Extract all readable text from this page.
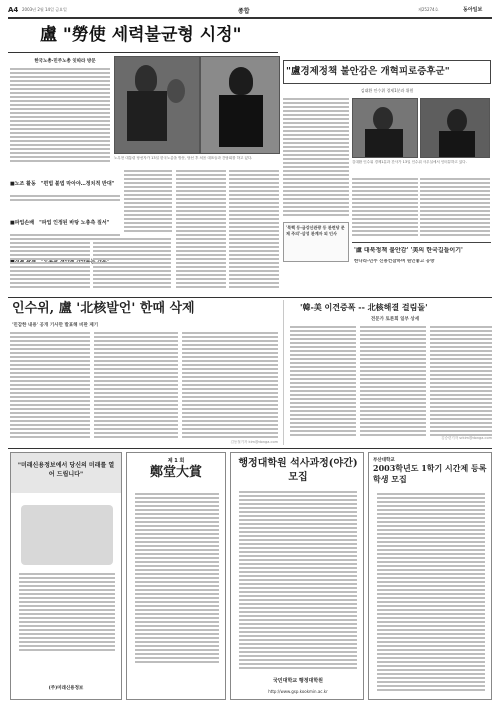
A4 2003년 2월 14일 금요일	종합	제25274호	동아일보
盧 "勞使 세력불균형 시정"
"盧경제정책 불안감은 개혁피로증후군"
김대환 인수위 경제1분과 위원
한국노총·민주노총 잇따라 방문
노무현 대통령 당선자가 13일 한국노총을 방문, 당선 후 처음 대표들과 간담회를 하고 있다.
■노조 활동 "편법 불법 막아야…정치적 반대"
■파업손배 "파업 인정된 바탕 노총측 질서"
김대환 인수위 경제1분과 간사가 13일 인수위 사무실에서 인터뷰하고 있다.
'북핵 등-금강산관광 등 관련당 문제 주의'·삼성 관계자 외 인사
'盧 대북정책 불안감' '美의 한국길들이기'
한나라-민주 신용컨잡하며 원인놓고 공방
인수위, 盧 '北核발언' 한때 삭제
'민감한 내용' 공개 기사만 발표해 비판 제기
김동철기자 kim@donga.com
'韓-美 이견증폭 -- 北核해결 걸림돌'
전문가 토론회 일부 상세
김승련기자 srkim@donga.com
"미래신용정보에서 당신의 미래를 열어 드립니다"
(주)미래신용정보
제 1 회
鄭堂大賞
행정대학원 석사과정(야간) 모집
국민대학교 행정대학원
http://www.gsp.kookmin.ac.kr
부산대학교
2003학년도 1학기 시간제 등록학생 모집
